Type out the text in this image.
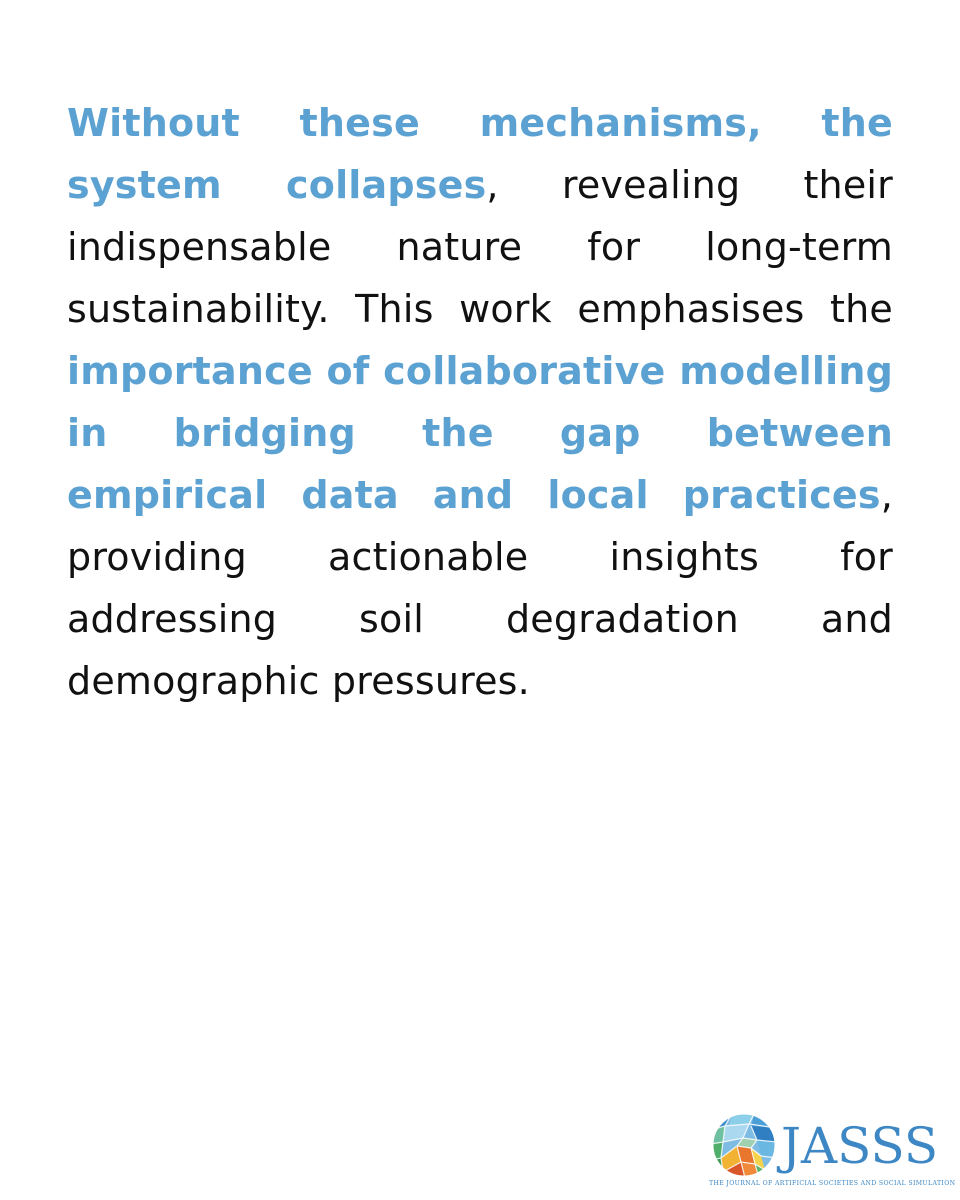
Without these mechanisms, the system collapses, revealing their indispensable nature for long-term sustainability. This work emphasises the importance of collaborative modelling in bridging the gap between empirical data and local practices, providing actionable insights for addressing soil degradation and demographic pressures.

JASSS
THE JOURNAL OF ARTIFICIAL SOCIETIES AND SOCIAL SIMULATION
